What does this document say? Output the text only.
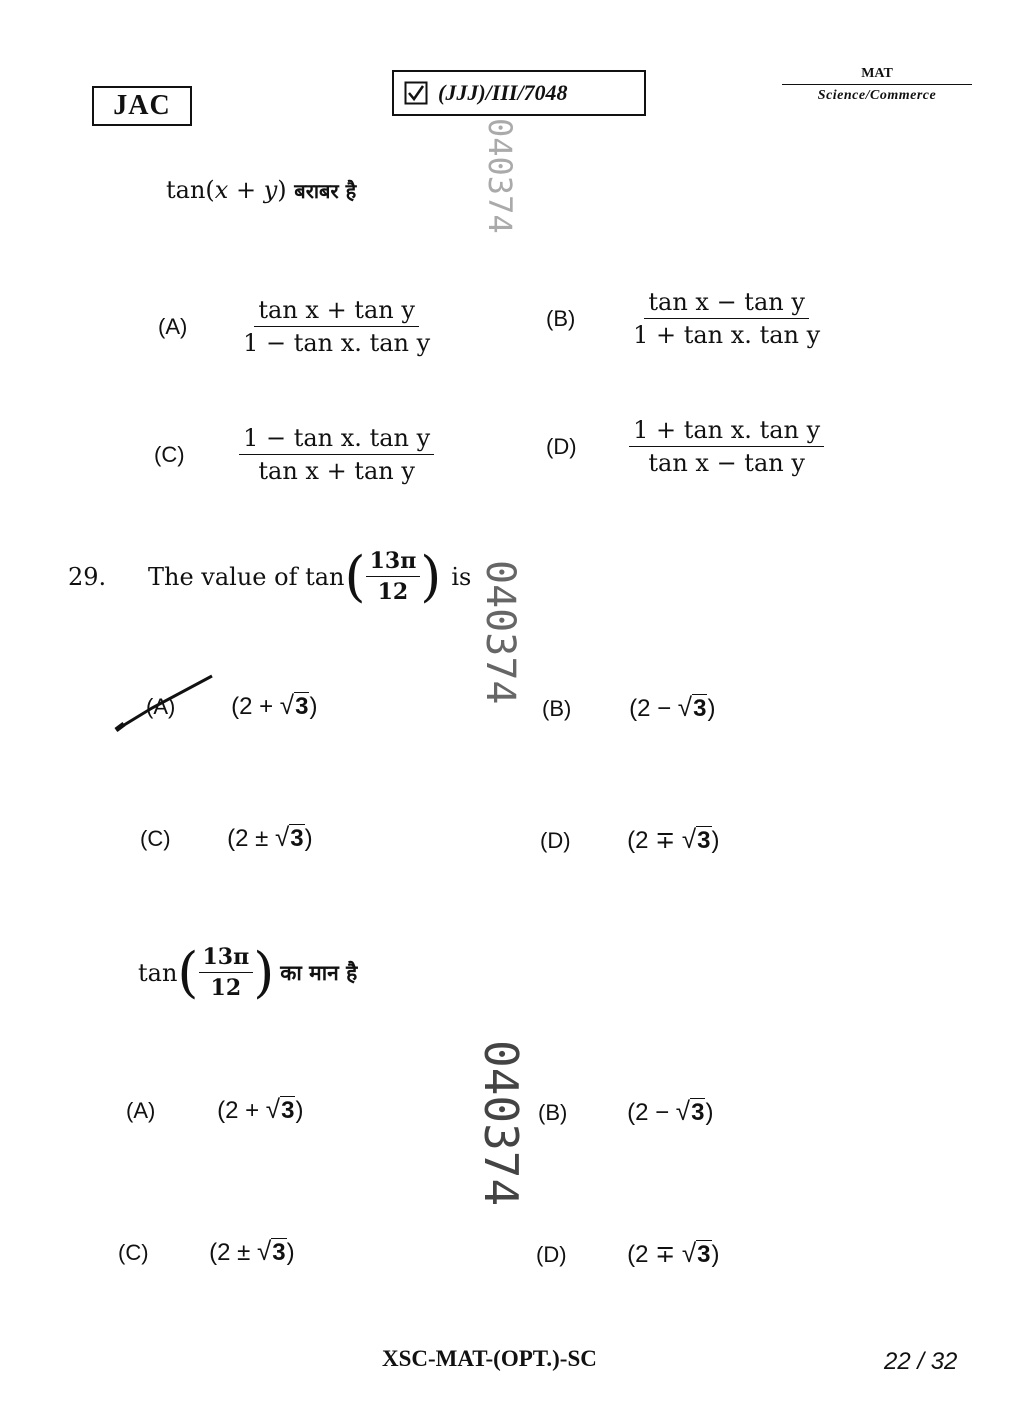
JAC	(JJJ)/III/7048
MAT
Science/Commerce
040374
040374
040374
tan(x + y) बराबर है
$(A) \frac{\text{tan x + tan y}}{\text{1 − tan x. tan y}}$	$(B) \frac{\text{tan x − tan y}}{\text{1 + tan x. tan y}}$
$(C) \frac{\text{1 − tan x. tan y}}{\text{tan x + tan y}}$	$(D) \frac{\text{1 + tan x. tan y}}{\text{tan x − tan y}}$
29.	The value of tan ( $\frac{13\pi}{12}$ ) is
(A) (2 + √ 3 )	(B) (2 − √ 3 )
(C) (2 ± √ 3 )	(D) (2 ∓ √ 3 )
tan ( $\frac{13\pi}{12}$ ) का मान है
(A)	(2 + √ 3 )	(B) (2 − √ 3 )
(C)	(2 ± √ 3 )	(D)	(2 ∓ √ 3 )
XSC-MAT-(OPT.)-SC	22 / 32
